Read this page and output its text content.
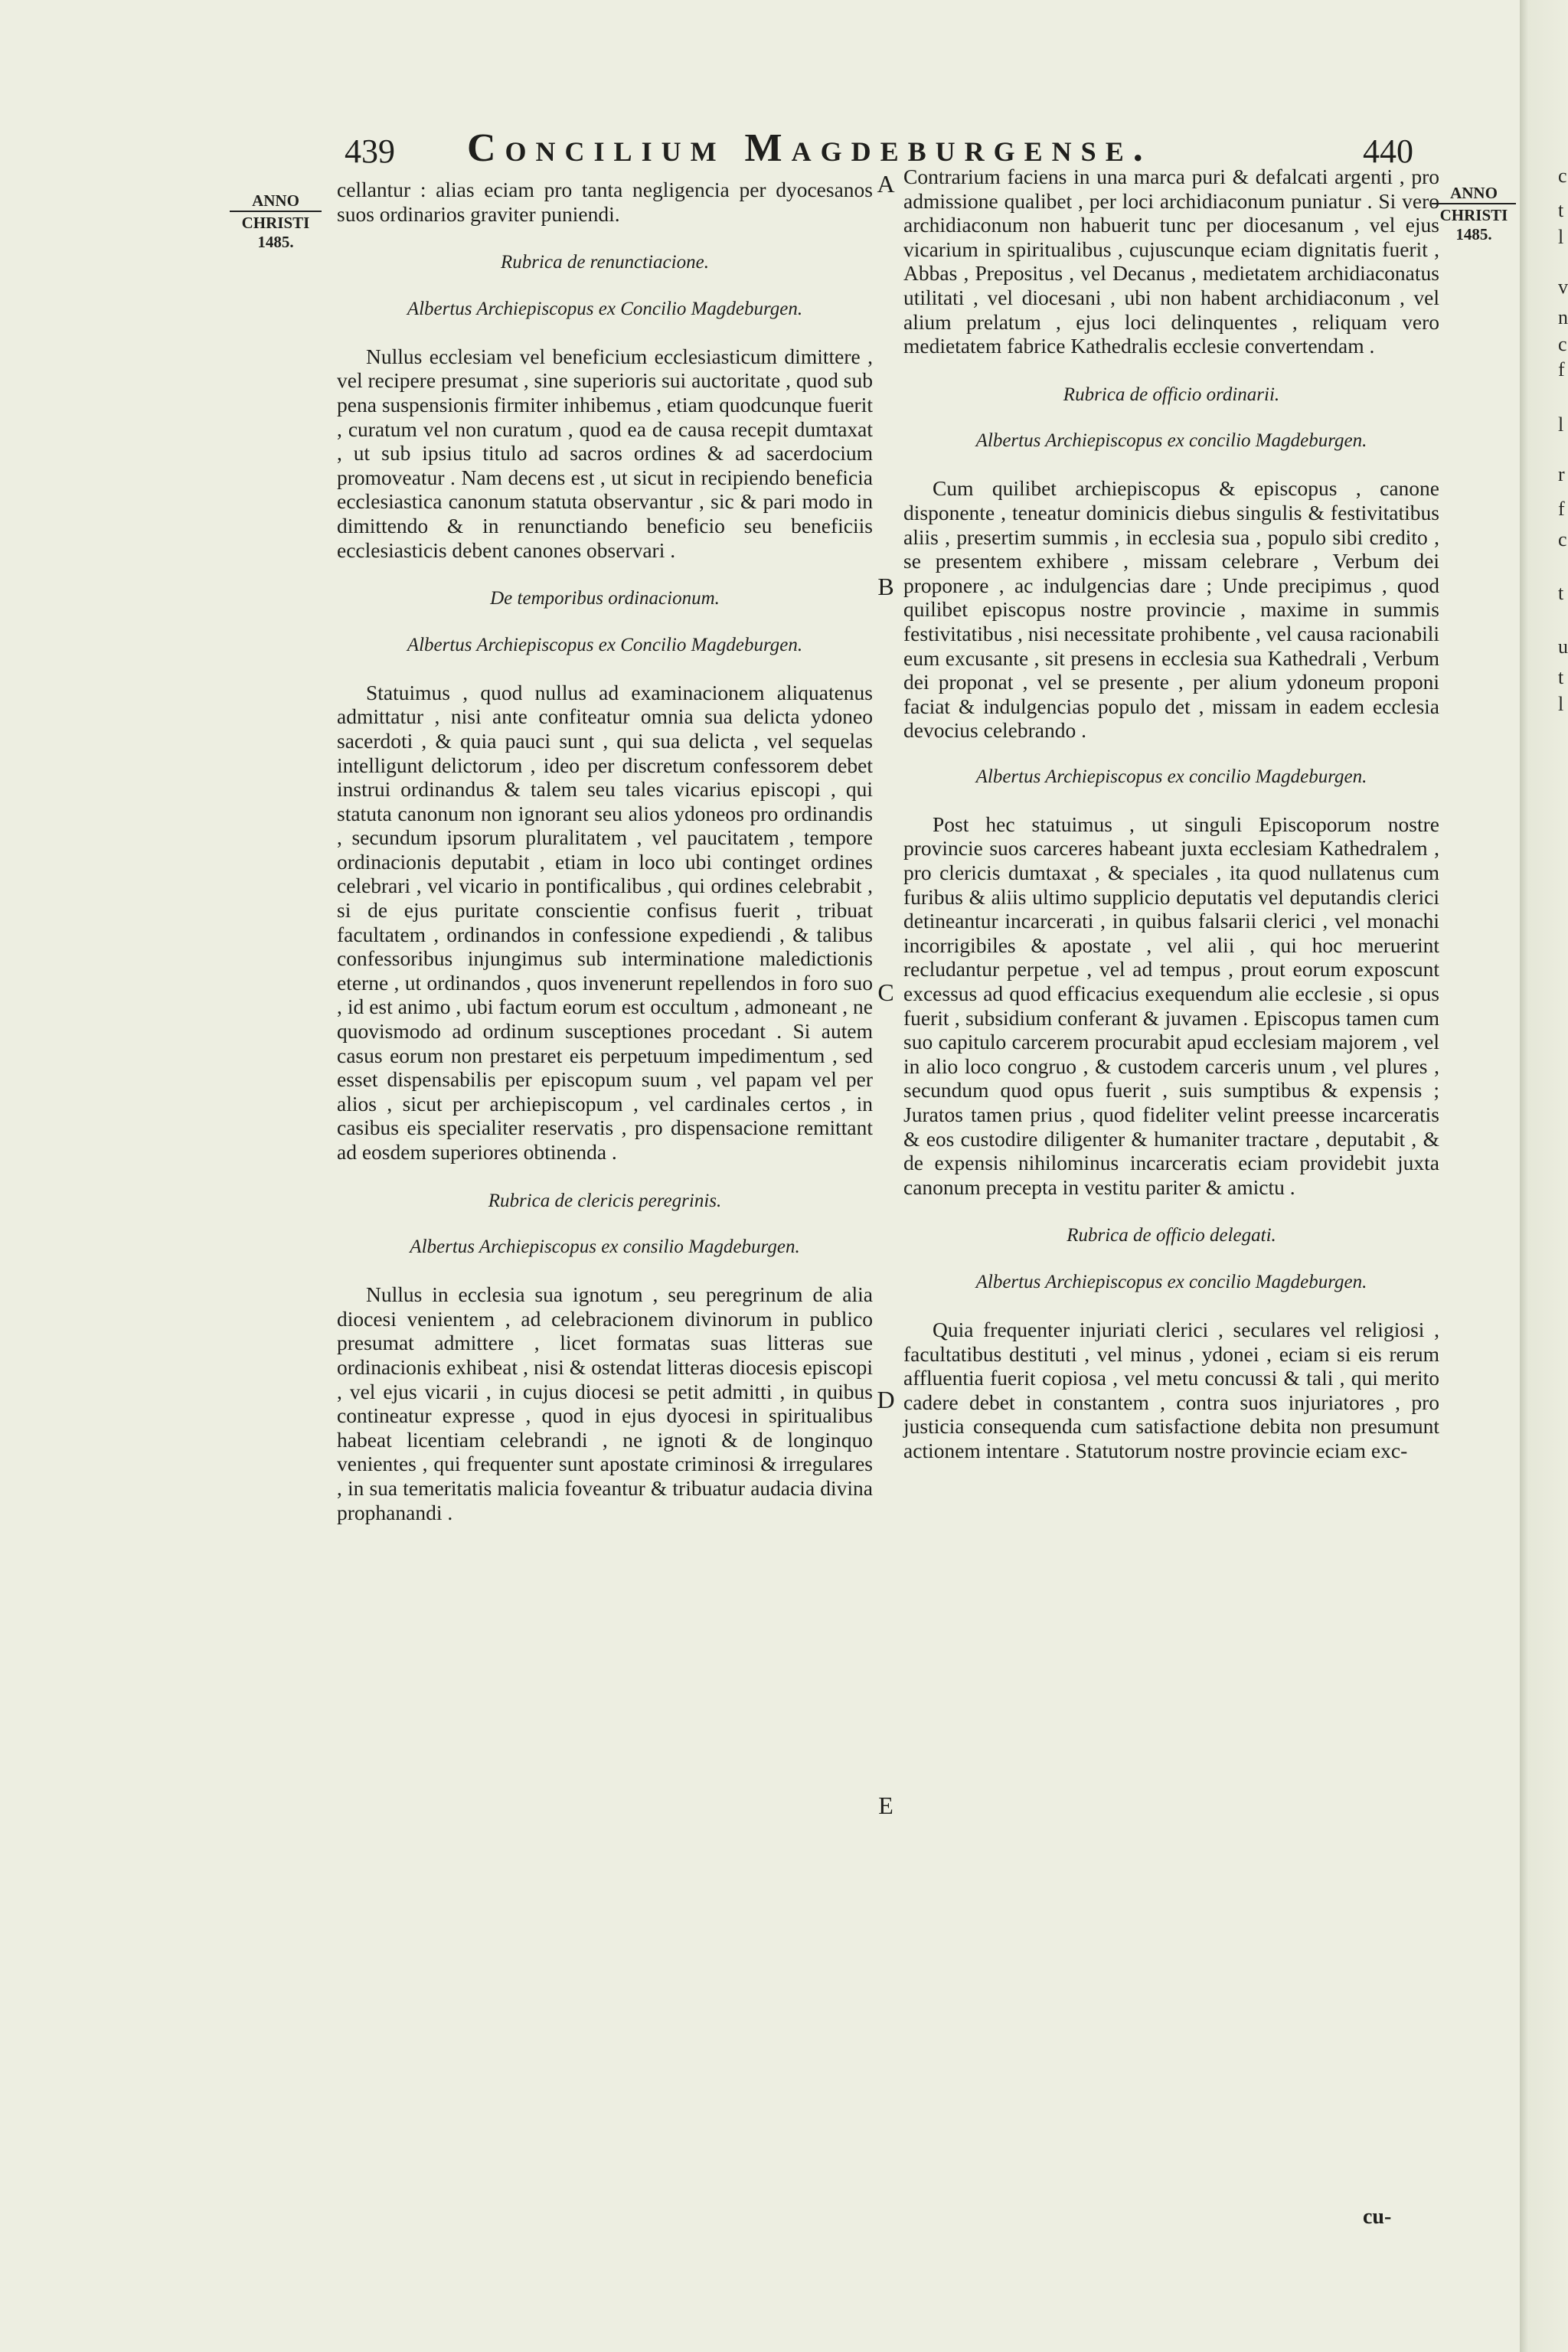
439 Concilium Magdeburgense.	440
ANNO
CHRISTI
1485.
ANNO
CHRISTI
1485.
A
B
C
D
E

cellantur : alias eciam pro tanta negligencia per dyocesanos suos ordinarios graviter puniendi.

Rubrica de renunctiacione.
Albertus Archiepiscopus ex Concilio Magdeburgen.

Nullus ecclesiam vel beneficium ecclesiasticum dimittere , vel recipere presumat , sine superioris sui auctoritate , quod sub pena suspensionis firmiter inhibemus , etiam quodcunque fuerit , curatum vel non curatum , quod ea de causa recepit dumtaxat , ut sub ipsius titulo ad sacros ordines & ad sacerdocium promoveatur . Nam decens est , ut sicut in recipiendo beneficia ecclesiastica canonum statuta observantur , sic & pari modo in dimittendo & in renunctiando beneficio seu beneficiis ecclesiasticis debent canones observari .

De temporibus ordinacionum.
Albertus Archiepiscopus ex Concilio Magdeburgen.

Statuimus , quod nullus ad examinacionem aliquatenus admittatur , nisi ante confiteatur omnia sua delicta ydoneo sacerdoti , & quia pauci sunt , qui sua delicta , vel sequelas intelligunt delictorum , ideo per discretum confessorem debet instrui ordinandus & talem seu tales vicarius episcopi , qui statuta canonum non ignorant seu alios ydoneos pro ordinandis , secundum ipsorum pluralitatem , vel paucitatem , tempore ordinacionis deputabit , etiam in loco ubi continget ordines celebrari , vel vicario in pontificalibus , qui ordines celebrabit , si de ejus puritate conscientie confisus fuerit , tribuat facultatem , ordinandos in confessione expediendi , & talibus confessoribus injungimus sub interminatione maledictionis eterne , ut ordinandos , quos invenerunt repellendos in foro suo , id est animo , ubi factum eorum est occultum , admoneant , ne quovismodo ad ordinum susceptiones procedant . Si autem casus eorum non prestaret eis perpetuum impedimentum , sed esset dispensabilis per episcopum suum , vel papam vel per alios , sicut per archiepiscopum , vel cardinales certos , in casibus eis specialiter reservatis , pro dispensacione remittant ad eosdem superiores obtinenda .

Rubrica de clericis peregrinis.
Albertus Archiepiscopus ex consilio Magdeburgen.

Nullus in ecclesia sua ignotum , seu peregrinum de alia diocesi venientem , ad celebracionem divinorum in publico presumat admittere , licet formatas suas litteras sue ordinacionis exhibeat , nisi & ostendat litteras diocesis episcopi , vel ejus vicarii , in cujus diocesi se petit admitti , in quibus contineatur expresse , quod in ejus dyocesi in spiritualibus habeat licentiam celebrandi , ne ignoti & de longinquo venientes , qui frequenter sunt apostate criminosi & irregulares , in sua temeritatis malicia foveantur & tribuatur audacia divina prophanandi .

Contrarium faciens in una marca puri & defalcati argenti , pro admissione qualibet , per loci archidiaconum puniatur . Si vero archidiaconum non habuerit tunc per diocesanum , vel ejus vicarium in spiritualibus , cujuscunque eciam dignitatis fuerit , Abbas , Prepositus , vel Decanus , medietatem archidiaconatus utilitati , vel diocesani , ubi non habent archidiaconum , vel alium prelatum , ejus loci delinquentes , reliquam vero medietatem fabrice Kathedralis ecclesie convertendam .

Rubrica de officio ordinarii.
Albertus Archiepiscopus ex concilio Magdeburgen.

Cum quilibet archiepiscopus & episcopus , canone disponente , teneatur dominicis diebus singulis & festivitatibus aliis , presertim summis , in ecclesia sua , populo sibi credito , se presentem exhibere , missam celebrare , Verbum dei proponere , ac indulgencias dare ; Unde precipimus , quod quilibet episcopus nostre provincie , maxime in summis festivitatibus , nisi necessitate prohibente , vel causa racionabili eum excusante , sit presens in ecclesia sua Kathedrali , Verbum dei proponat , vel se presente , per alium ydoneum proponi faciat & indulgencias populo det , missam in eadem ecclesia devocius celebrando .

Albertus Archiepiscopus ex concilio Magdeburgen.

Post hec statuimus , ut singuli Episcoporum nostre provincie suos carceres habeant juxta ecclesiam Kathedralem , pro clericis dumtaxat , & speciales , ita quod nullatenus cum furibus & aliis ultimo supplicio deputatis vel deputandis clerici detineantur incarcerati , in quibus falsarii clerici , vel monachi incorrigibiles & apostate , vel alii , qui hoc meruerint recludantur perpetue , vel ad tempus , prout eorum exposcunt excessus ad quod efficacius exequendum alie ecclesie , si opus fuerit , subsidium conferant & juvamen . Episcopus tamen cum suo capitulo carcerem procurabit apud ecclesiam majorem , vel in alio loco congruo , & custodem carceris unum , vel plures , secundum quod opus fuerit , suis sumptibus & expensis ; Juratos tamen prius , quod fideliter velint preesse incarceratis & eos custodire diligenter & humaniter tractare , deputabit , & de expensis nihilominus incarceratis eciam providebit juxta canonum precepta in vestitu pariter & amictu .

Rubrica de officio delegati.
Albertus Archiepiscopus ex concilio Magdeburgen.

Quia frequenter injuriati clerici , seculares vel religiosi , facultatibus destituti , vel minus , ydonei , eciam si eis rerum affluentia fuerit copiosa , vel metu concussi & tali , qui merito cadere debet in constantem , contra suos injuriatores , pro justicia consequenda cum satisfactione debita non presumunt actionem intentare . Statutorum nostre provincie eciam exc-

cu-
c
t
l
v
n
c
f
l
r
f
c
t
u
t
l
